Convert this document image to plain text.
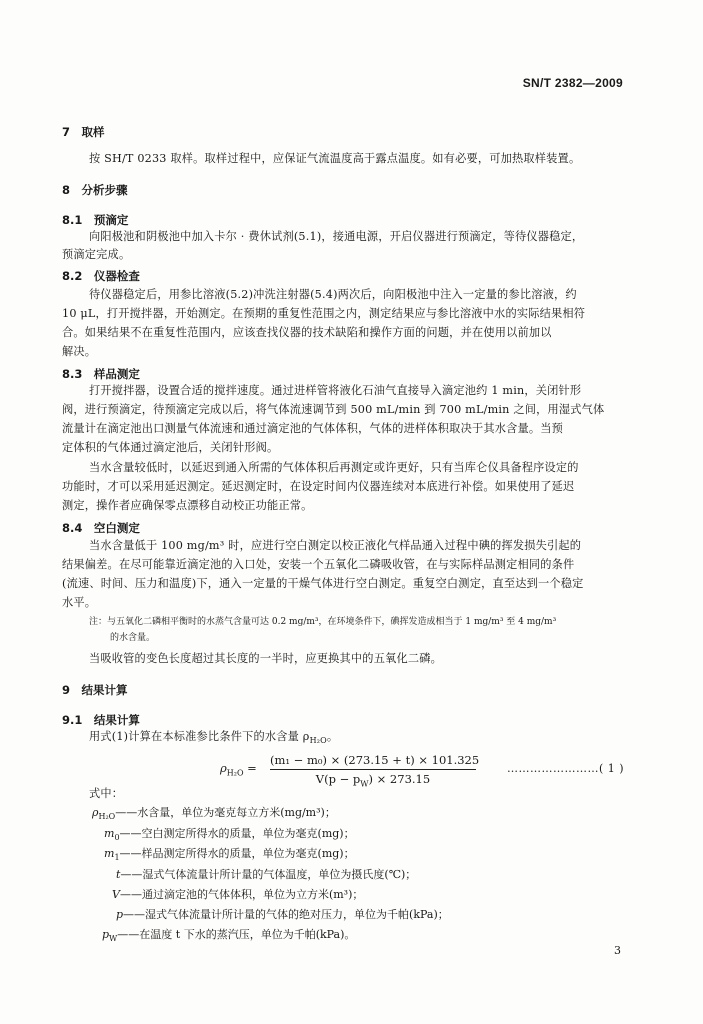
SN/T 2382—2009
7　取样
按 SH/T 0233 取样。取样过程中，应保证气流温度高于露点温度。如有必要，可加热取样装置。
8　分析步骤
8.1　预滴定
向阳极池和阴极池中加入卡尔 · 费休试剂(5.1)，接通电源，开启仪器进行预滴定，等待仪器稳定，
预滴定完成。
8.2　仪器检查
待仪器稳定后，用参比溶液(5.2)冲洗注射器(5.4)两次后，向阳极池中注入一定量的参比溶液，约
10 μL，打开搅拌器，开始测定。在预期的重复性范围之内，测定结果应与参比溶液中水的实际结果相符
合。如果结果不在重复性范围内，应该查找仪器的技术缺陷和操作方面的问题，并在使用以前加以
解决。
8.3　样品测定
打开搅拌器，设置合适的搅拌速度。通过进样管将液化石油气直接导入滴定池约 1 min，关闭针形
阀，进行预滴定，待预滴定完成以后，将气体流速调节到 500 mL/min 到 700 mL/min 之间，用湿式气体
流量计在滴定池出口测量气体流速和通过滴定池的气体体积，气体的进样体积取决于其水含量。当预
定体积的气体通过滴定池后，关闭针形阀。
当水含量较低时，以延迟到通入所需的气体体积后再测定或许更好，只有当库仑仪具备程序设定的
功能时，才可以采用延迟测定。延迟测定时，在设定时间内仪器连续对本底进行补偿。如果使用了延迟
测定，操作者应确保零点漂移自动校正功能正常。
8.4　空白测定
当水含量低于 100 mg/m³ 时，应进行空白测定以校正液化气样品通入过程中碘的挥发损失引起的
结果偏差。在尽可能靠近滴定池的入口处，安装一个五氧化二磷吸收管，在与实际样品测定相同的条件
(流速、时间、压力和温度)下，通入一定量的干燥气体进行空白测定。重复空白测定，直至达到一个稳定
水平。
注：与五氧化二磷相平衡时的水蒸气含量可达 0.2 mg/m³，在环境条件下，碘挥发造成相当于 1 mg/m³ 至 4 mg/m³
的水含量。
当吸收管的变色长度超过其长度的一半时，应更换其中的五氧化二磷。
9　结果计算
9.1　结果计算
用式(1)计算在本标准参比条件下的水含量 $\rho_{H_2O}$。
$\rho_{H_2O}$ =
(m₁ − m₀) × (273.15 + t) × 101.325
$V(p - p_W) \times 273.15$
……………………( 1 )
式中：
$\rho_{H_2O}——$水含量，单位为毫克每立方米(mg/m³)；
$m_0——$空白测定所得水的质量，单位为毫克(mg)；
$m_1——$样品测定所得水的质量，单位为毫克(mg)；
t——湿式气体流量计所计量的气体温度，单位为摄氏度(℃)；
V——通过滴定池的气体体积，单位为立方米(m³)；
p——湿式气体流量计所计量的气体的绝对压力，单位为千帕(kPa)；
$p_W——$在温度 t 下水的蒸汽压，单位为千帕(kPa)。
3
